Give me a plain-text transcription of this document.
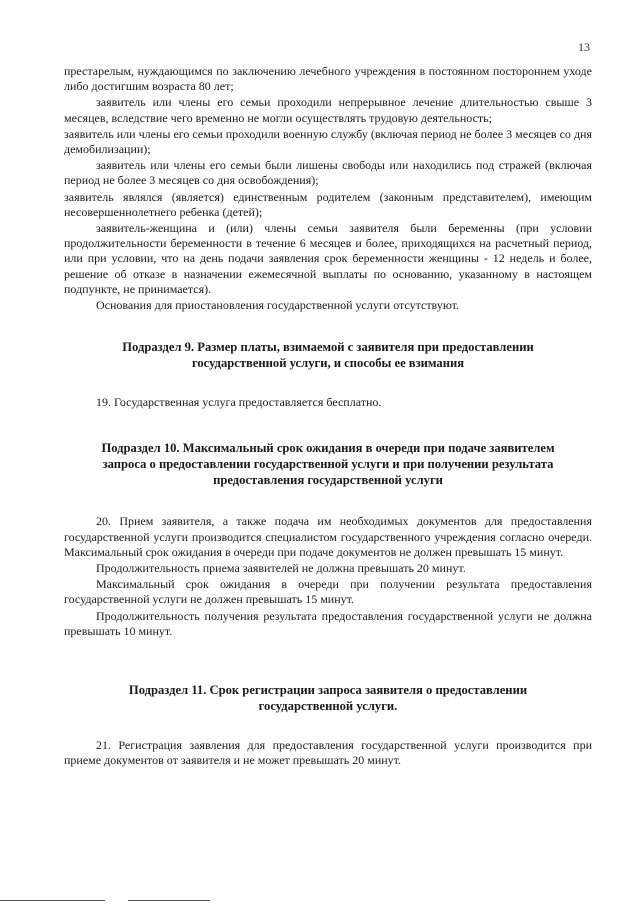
13

престарелым, нуждающимся по заключению лечебного учреждения в постоянном постороннем уходе либо достигшим возраста 80 лет;

заявитель или члены его семьи проходили непрерывное лечение длительностью свыше 3 месяцев, вследствие чего временно не могли осуществлять трудовую деятельность;

заявитель или члены его семьи проходили военную службу (включая период не более 3 месяцев со дня демобилизации);

заявитель или члены его семьи были лишены свободы или находились под стражей (включая период не более 3 месяцев со дня освобождения);

заявитель являлся (является) единственным родителем (законным представителем), имеющим несовершеннолетнего ребенка (детей);

заявитель-женщина и (или) члены семьи заявителя были беременны (при условии продолжительности беременности в течение 6 месяцев и более, приходящихся на расчетный период, или при условии, что на день подачи заявления срок беременности женщины - 12 недель и более, решение об отказе в назначении ежемесячной выплаты по основанию, указанному в настоящем подпункте, не принимается).

Основания для приостановления государственной услуги отсутствуют.

Подраздел 9. Размер платы, взимаемой с заявителя при предоставлении
государственной услуги, и способы ее взимания

19. Государственная услуга предоставляется бесплатно.

Подраздел 10. Максимальный срок ожидания в очереди при подаче заявителем
запроса о предоставлении государственной услуги и при получении результата
предоставления государственной услуги

20. Прием заявителя, а также подача им необходимых документов для предоставления государственной услуги производится специалистом государственного учреждения согласно очереди. Максимальный срок ожидания в очереди при подаче документов не должен превышать 15 минут.

Продолжительность приема заявителей не должна превышать 20 минут.

Максимальный срок ожидания в очереди при получении результата предоставления государственной услуги не должен превышать 15 минут.

Продолжительность получения результата предоставления государственной услуги не должна превышать 10 минут.

Подраздел 11. Срок регистрации запроса заявителя о предоставлении
государственной услуги.

21. Регистрация заявления для предоставления государственной услуги производится при приеме документов от заявителя и не может превышать 20 минут.
